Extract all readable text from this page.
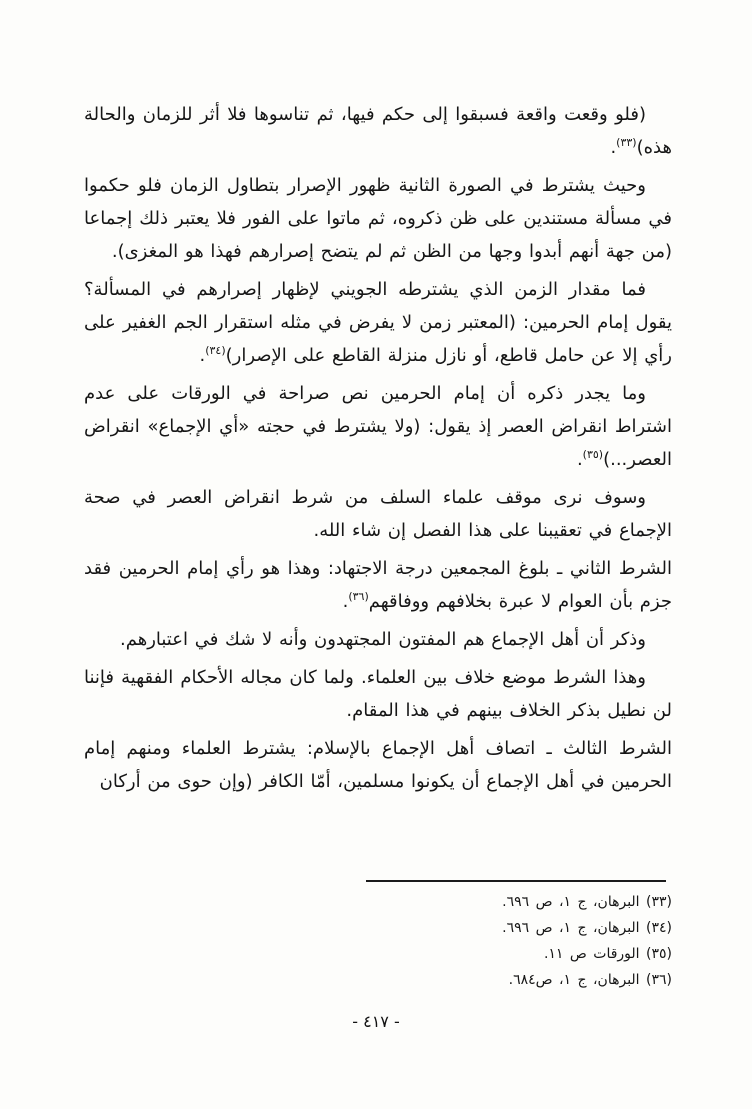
(فلو وقعت واقعة فسبقوا إلى حكم فيها، ثم تناسوها فلا أثر للزمان والحالة هذه)$^{(٣٣)}$.

وحيث يشترط في الصورة الثانية ظهور الإصرار بتطاول الزمان فلو حكموا في مسألة مستندين على ظن ذكروه، ثم ماتوا على الفور فلا يعتبر ذلك إجماعا (من جهة أنهم أبدوا وجها من الظن ثم لم يتضح إصرارهم فهذا هو المغزى).

فما مقدار الزمن الذي يشترطه الجويني لإظهار إصرارهم في المسألة؟ يقول إمام الحرمين: (المعتبر زمن لا يفرض في مثله استقرار الجم الغفير على رأي إلا عن حامل قاطع، أو نازل منزلة القاطع على الإصرار)$^{(٣٤)}$.

وما يجدر ذكره أن إمام الحرمين نص صراحة في الورقات على عدم اشتراط انقراض العصر إذ يقول: (ولا يشترط في حجته «أي الإجماع» انقراض العصر...)$^{(٣٥)}$.

وسوف نرى موقف علماء السلف من شرط انقراض العصر في صحة الإجماع في تعقيبنا على هذا الفصل إن شاء الله.

الشرط الثاني ـ بلوغ المجمعين درجة الاجتهاد: وهذا هو رأي إمام الحرمين فقد جزم بأن العوام لا عبرة بخلافهم ووفاقهم$^{(٣٦)}$.

وذكر أن أهل الإجماع هم المفتون المجتهدون وأنه لا شك في اعتبارهم.

وهذا الشرط موضع خلاف بين العلماء. ولما كان مجاله الأحكام الفقهية فإننا لن نطيل بذكر الخلاف بينهم في هذا المقام.

الشرط الثالث ـ اتصاف أهل الإجماع بالإسلام: يشترط العلماء ومنهم إمام الحرمين في أهل الإجماع أن يكونوا مسلمين، أمّا الكافر (وإن حوى من أركان

(٣٣) البرهان، ج ١، ص ٦٩٦.

(٣٤) البرهان، ج ١، ص ٦٩٦.

(٣٥) الورقات ص ١١.

(٣٦) البرهان، ج ١، ص٦٨٤.

- ٤١٧ -
